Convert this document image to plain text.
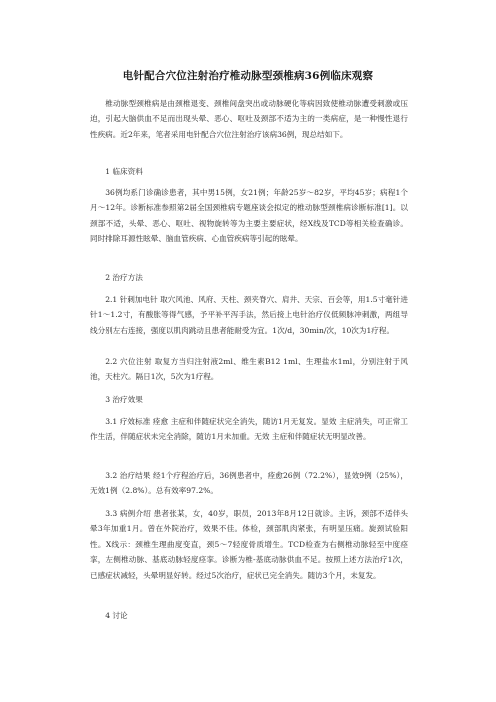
电针配合穴位注射治疗椎动脉型颈椎病36例临床观察

椎动脉型颈椎病是由颈椎退变、颈椎间盘突出或动脉硬化等病因致使椎动脉遭受刺激或压迫，引起大脑供血不足而出现头晕、恶心、呕吐及颈部不适为主的一类病症，是一种慢性退行性疾病。近2年来，笔者采用电针配合穴位注射治疗该病36例，现总结如下。

1 临床资料

36例均系门诊确诊患者，其中男15例，女21例；年龄25岁～82岁，平均45岁；病程1个月～12年。诊断标准参照第2届全国颈椎病专题座谈会拟定的椎动脉型颈椎病诊断标准[1]。以颈部不适，头晕、恶心、呕吐、视物旋转等为主要主要症状，经X线及TCD等相关检查确诊。同时排除耳源性眩晕、脑血管疾病、心血管疾病等引起的眩晕。

2 治疗方法

2.1 针刺加电针 取穴风池、风府、天柱、颈夹脊穴、肩井、天宗、百会等，用1.5寸毫针进针1～1.2寸，有酸胀等得气感，予平补平泻手法，然后接上电针治疗仪低频脉冲刺激，两组导线分别左右连接，强度以肌肉跳动且患者能耐受为宜。1次/d，30min/次，10次为1疗程。

2.2 穴位注射 取复方当归注射液2ml、维生素B12 1ml、生理盐水1ml，分别注射于风池，天柱穴。隔日1次，5次为1疗程。

3 治疗效果

3.1 疗效标准 痊愈 主症和伴随症状完全消失，随访1月无复发。显效 主症消失，可正常工作生活，伴随症状未完全消除，随访1月未加重。无效 主症和伴随症状无明显改善。

3.2 治疗结果 经1个疗程治疗后，36例患者中，痊愈26例（72.2%），显效9例（25%），无效1例（2.8%）。总有效率97.2%。

3.3 病例介绍 患者张某，女，40岁，职员，2013年8月12日就诊。主诉，颈部不适伴头晕3年加重1月。曾在外院治疗，效果不佳。体检，颈部肌肉紧张，有明显压痛。旋颈试验阳性。X线示：颈椎生理曲度变直，颈5～7轻度骨质增生。TCD检查为右侧椎动脉轻至中度痉挛，左侧椎动脉、基底动脉轻度痉挛。诊断为椎-基底动脉供血不足。按照上述方法治疗1次，已感症状减轻，头晕明显好转。经过5次治疗，症状已完全消失。随访3个月，未复发。

4 讨论
